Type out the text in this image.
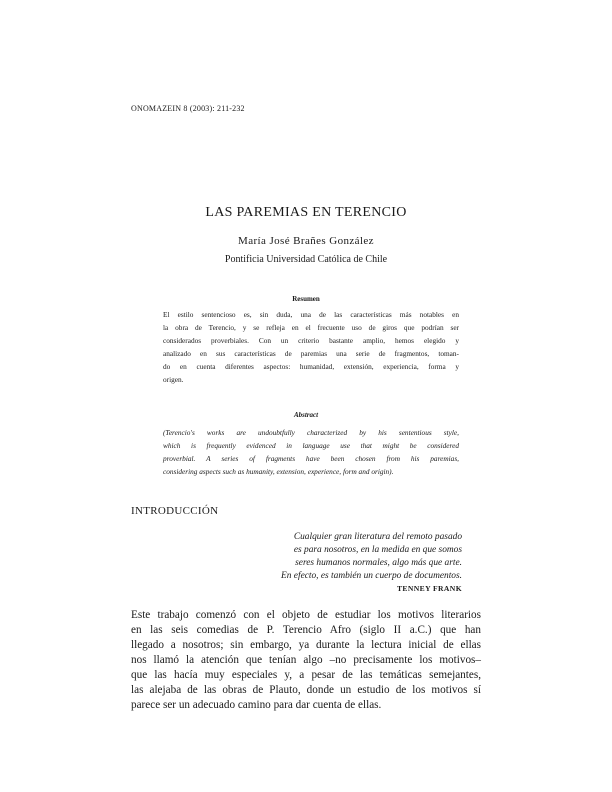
ONOMAZEIN 8 (2003): 211-232
LAS PAREMIAS EN TERENCIO
María José Brañes González
Pontificia Universidad Católica de Chile
Resumen
El estilo sentencioso es, sin duda, una de las características más notables en
la obra de Terencio, y se refleja en el frecuente uso de giros que podrían ser
considerados proverbiales. Con un criterio bastante amplio, hemos elegido y
analizado en sus características de paremias una serie de fragmentos, toman-
do en cuenta diferentes aspectos: humanidad, extensión, experiencia, forma y
origen.
Abstract
(Terencio's works are undoubtfully characterized by his sententious style,
which is frequently evidenced in language use that might be considered
proverbial. A series of fragments have been chosen from his paremias,
considering aspects such as humanity, extension, experience, form and origin).
INTRODUCCIÓN
Cualquier gran literatura del remoto pasado
es para nosotros, en la medida en que somos
seres humanos normales, algo más que arte.
En efecto, es también un cuerpo de documentos.
TENNEY FRANK
Este trabajo comenzó con el objeto de estudiar los motivos literarios
en las seis comedias de P. Terencio Afro (siglo II a.C.) que han
llegado a nosotros; sin embargo, ya durante la lectura inicial de ellas
nos llamó la atención que tenían algo –no precisamente los motivos–
que las hacía muy especiales y, a pesar de las temáticas semejantes,
las alejaba de las obras de Plauto, donde un estudio de los motivos sí
parece ser un adecuado camino para dar cuenta de ellas.
